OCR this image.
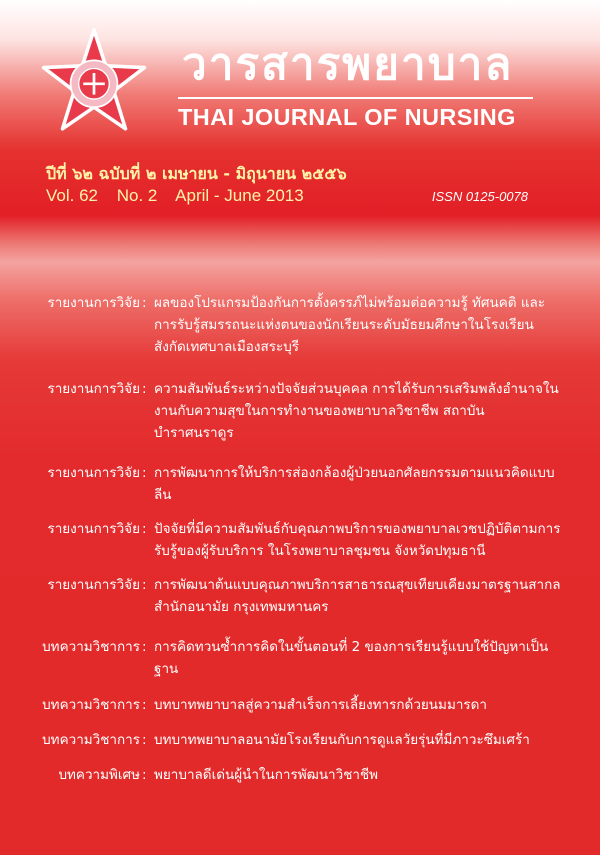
วารสารพยาบาล
THAI JOURNAL OF NURSING
ปีที่ ๖๒ ฉบับที่ ๒ เมษายน - มิถุนายน ๒๕๕๖
Vol. 62 No. 2 April - June 2013	ISSN 0125-0078
รายงานการวิจัย : ผลของโปรแกรมป้องกันการตั้งครรภ์ไม่พร้อมต่อความรู้ ทัศนคติ และการรับรู้สมรรถนะแห่งตนของนักเรียนระดับมัธยมศึกษาในโรงเรียนสังกัดเทศบาลเมืองสระบุรี
รายงานการวิจัย : ความสัมพันธ์ระหว่างปัจจัยส่วนบุคคล การได้รับการเสริมพลังอำนาจในงานกับความสุขในการทำงานของพยาบาลวิชาชีพ สถาบันบำราศนราดูร
รายงานการวิจัย : การพัฒนาการให้บริการส่องกล้องผู้ป่วยนอกศัลยกรรมตามแนวคิดแบบลีน
รายงานการวิจัย : ปัจจัยที่มีความสัมพันธ์กับคุณภาพบริการของพยาบาลเวชปฏิบัติตามการรับรู้ของผู้รับบริการ ในโรงพยาบาลชุมชน จังหวัดปทุมธานี
รายงานการวิจัย : การพัฒนาต้นแบบคุณภาพบริการสาธารณสุขเทียบเคียงมาตรฐานสากล สำนักอนามัย กรุงเทพมหานคร
บทความวิชาการ : การคิดทวนซ้ำการคิดในขั้นตอนที่ 2 ของการเรียนรู้แบบใช้ปัญหาเป็นฐาน
บทความวิชาการ : บทบาทพยาบาลสู่ความสำเร็จการเลี้ยงทารกด้วยนมมารดา
บทความวิชาการ : บทบาทพยาบาลอนามัยโรงเรียนกับการดูแลวัยรุ่นที่มีภาวะซึมเศร้า
บทความพิเศษ : พยาบาลดีเด่นผู้นำในการพัฒนาวิชาชีพ
